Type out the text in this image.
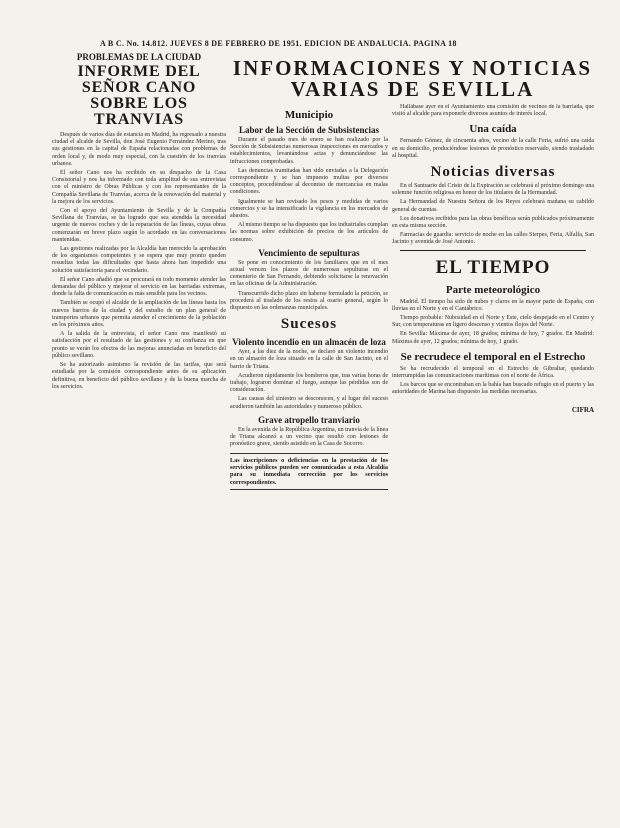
A B C. No. 14.812. JUEVES 8 DE FEBRERO DE 1951. EDICION DE ANDALUCIA. PAGINA 18
PROBLEMAS DE LA CIUDAD
INFORME DEL SEÑOR CANO SOBRE LOS TRANVIAS

Después de varios días de estancia en Madrid, ha regresado a nuestra ciudad el alcalde de Sevilla, don José Eugenio Fernández Merino, tras sus gestiones en la capital de España relacionadas con problemas de orden local y, de modo muy especial, con la cuestión de los tranvías urbanos.

El señor Cano nos ha recibido en su despacho de la Casa Consistorial y nos ha informado con toda amplitud de sus entrevistas con el ministro de Obras Públicas y con los representantes de la Compañía Sevillana de Tranvías, acerca de la renovación del material y la mejora de los servicios.

Con el apoyo del Ayuntamiento de Sevilla y de la Compañía Sevillana de Tranvías, se ha logrado que sea atendida la necesidad urgente de nuevos coches y de la reparación de las líneas, cuyas obras comenzarán en breve plazo según lo acordado en las conversaciones mantenidas.

Las gestiones realizadas por la Alcaldía han merecido la aprobación de los organismos competentes y se espera que muy pronto queden resueltas todas las dificultades que hasta ahora han impedido una solución satisfactoria para el vecindario.

El señor Cano añadió que se procurará en todo momento atender las demandas del público y mejorar el servicio en las barriadas extremas, donde la falta de comunicación es más sensible para los vecinos.

También se ocupó el alcalde de la ampliación de las líneas hasta los nuevos barrios de la ciudad y del estudio de un plan general de transportes urbanos que permita atender el crecimiento de la población en los próximos años.

A la salida de la entrevista, el señor Cano nos manifestó su satisfacción por el resultado de las gestiones y su confianza en que pronto se verán los efectos de las mejoras anunciadas en beneficio del público sevillano.

Se ha autorizado asimismo la revisión de las tarifas, que será estudiada por la comisión correspondiente antes de su aplicación definitiva, en beneficio del público sevillano y de la buena marcha de los servicios.

INFORMACIONES Y NOTICIAS VARIAS DE SEVILLA
Municipio
Labor de la Sección de Subsistencias

Durante el pasado mes de enero se han realizado por la Sección de Subsistencias numerosas inspecciones en mercados y establecimientos, levantándose actas y denunciándose las infracciones comprobadas.

Las denuncias tramitadas han sido enviadas a la Delegación correspondiente y se han impuesto multas por diversos conceptos, procediéndose al decomiso de mercancías en malas condiciones.

Igualmente se han revisado los pesos y medidas de varios comercios y se ha intensificado la vigilancia en los mercados de abastos.

Al mismo tiempo se ha dispuesto que los industriales cumplan las normas sobre exhibición de precios de los artículos de consumo.

Vencimiento de sepulturas

Se pone en conocimiento de los familiares que en el mes actual vencen los plazos de numerosas sepulturas en el cementerio de San Fernando, debiendo solicitarse la renovación en las oficinas de la Administración.

Transcurrido dicho plazo sin haberse formulado la petición, se procederá al traslado de los restos al osario general, según lo dispuesto en las ordenanzas municipales.

Sucesos
Violento incendio en un almacén de loza

Ayer, a las diez de la noche, se declaró un violento incendio en un almacén de loza situado en la calle de San Jacinto, en el barrio de Triana.

Acudieron rápidamente los bomberos que, tras varias horas de trabajo, lograron dominar el fuego, aunque las pérdidas son de consideración.

Las causas del siniestro se desconocen, y al lugar del suceso acudieron también las autoridades y numeroso público.

Grave atropello tranviario

En la avenida de la República Argentina, un tranvía de la línea de Triana alcanzó a un vecino que resultó con lesiones de pronóstico grave, siendo asistido en la Casa de Socorro.

Las inscripciones o deficiencias en la prestación de los servicios públicos pueden ser comunicadas a esta Alcaldía para su inmediata corrección por los servicios correspondientes.

Hallábase ayer en el Ayuntamiento una comisión de vecinos de la barriada, que visitó al alcalde para exponerle diversos asuntos de interés local.

Una caída

Fernando Gómez, de cincuenta años, vecino de la calle Feria, sufrió una caída en su domicilio, produciéndose lesiones de pronóstico reservado, siendo trasladado al hospital.

Noticias diversas

En el Santuario del Cristo de la Expiración se celebrará el próximo domingo una solemne función religiosa en honor de los titulares de la Hermandad.

La Hermandad de Nuestra Señora de los Reyes celebrará mañana su cabildo general de cuentas.

Los donativos recibidos para las obras benéficas serán publicados próximamente en esta misma sección.

Farmacias de guardia: servicio de noche en las calles Sierpes, Feria, Alfalfa, San Jacinto y avenida de José Antonio.

EL TIEMPO
Parte meteorológico

Madrid. El tiempo ha sido de nubes y claros en la mayor parte de España, con lluvias en el Norte y en el Cantábrico.

Tiempo probable: Nubosidad en el Norte y Este, cielo despejado en el Centro y Sur, con temperaturas en ligero descenso y vientos flojos del Norte.

En Sevilla: Máxima de ayer, 18 grados; mínima de hoy, 7 grados. En Madrid: Máxima de ayer, 12 grados; mínima de hoy, 1 grado.

Se recrudece el temporal en el Estrecho

Se ha recrudecido el temporal en el Estrecho de Gibraltar, quedando interrumpidas las comunicaciones marítimas con el norte de África.

Los barcos que se encontraban en la bahía han buscado refugio en el puerto y las autoridades de Marina han dispuesto las medidas necesarias.

CIFRA
